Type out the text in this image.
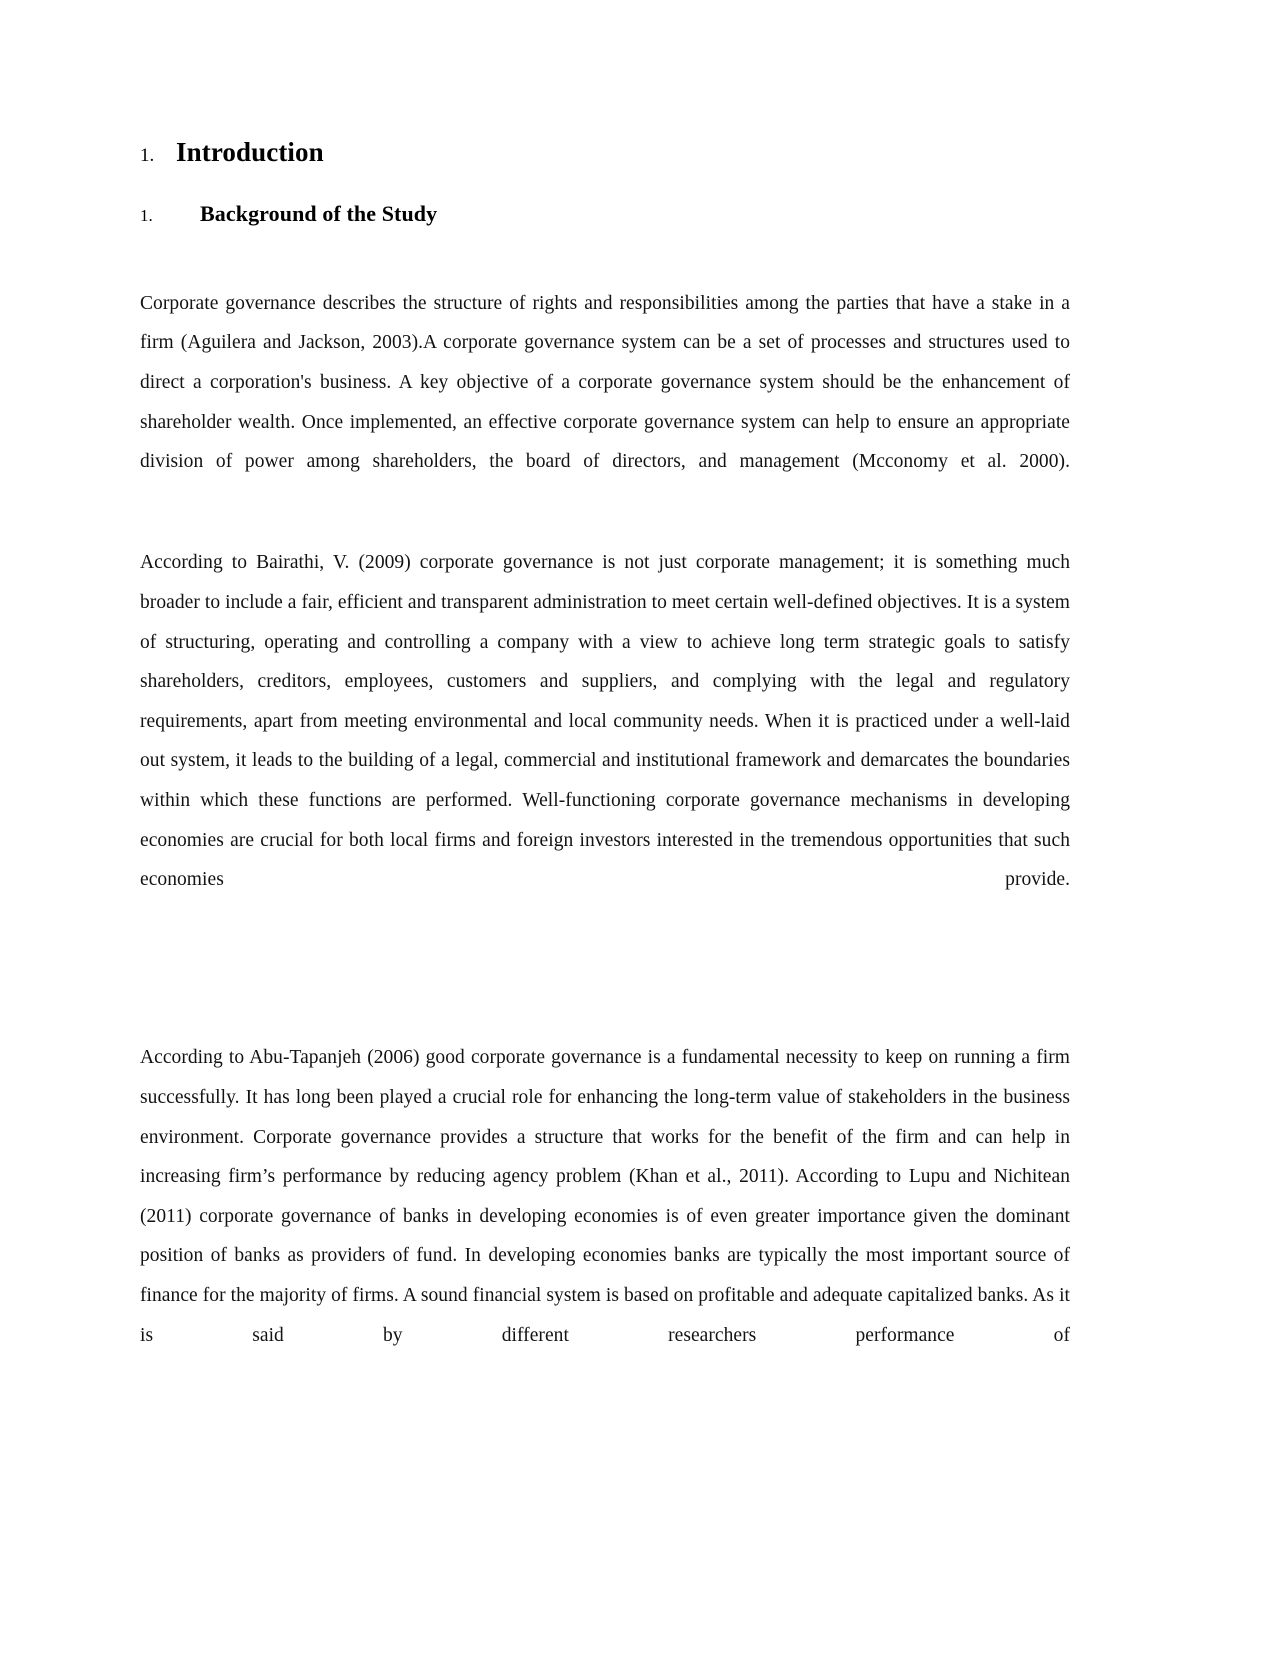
1. Introduction
1.	Background of the Study

Corporate governance describes the structure of rights and responsibilities among the parties that have a stake in a firm (Aguilera and Jackson, 2003).A corporate governance system can be a set of processes and structures used to direct a corporation's business. A key objective of a corporate governance system should be the enhancement of shareholder wealth. Once implemented, an effective corporate governance system can help to ensure an appropriate division of power among shareholders, the board of directors, and management (Mcconomy et al. 2000).

According to Bairathi, V. (2009) corporate governance is not just corporate management; it is something much broader to include a fair, efficient and transparent administration to meet certain well-defined objectives. It is a system of structuring, operating and controlling a company with a view to achieve long term strategic goals to satisfy shareholders, creditors, employees, customers and suppliers, and complying with the legal and regulatory requirements, apart from meeting environmental and local community needs. When it is practiced under a well-laid out system, it leads to the building of a legal, commercial and institutional framework and demarcates the boundaries within which these functions are performed. Well-functioning corporate governance mechanisms in developing economies are crucial for both local firms and foreign investors interested in the tremendous opportunities that such economies provide.

According to Abu-Tapanjeh (2006) good corporate governance is a fundamental necessity to keep on running a firm successfully. It has long been played a crucial role for enhancing the long-term value of stakeholders in the business environment. Corporate governance provides a structure that works for the benefit of the firm and can help in increasing firm’s performance by reducing agency problem (Khan et al., 2011). According to Lupu and Nichitean (2011) corporate governance of banks in developing economies is of even greater importance given the dominant position of banks as providers of fund. In developing economies banks are typically the most important source of finance for the majority of firms. A sound financial system is based on profitable and adequate capitalized banks. As it is said by different researchers performance of
